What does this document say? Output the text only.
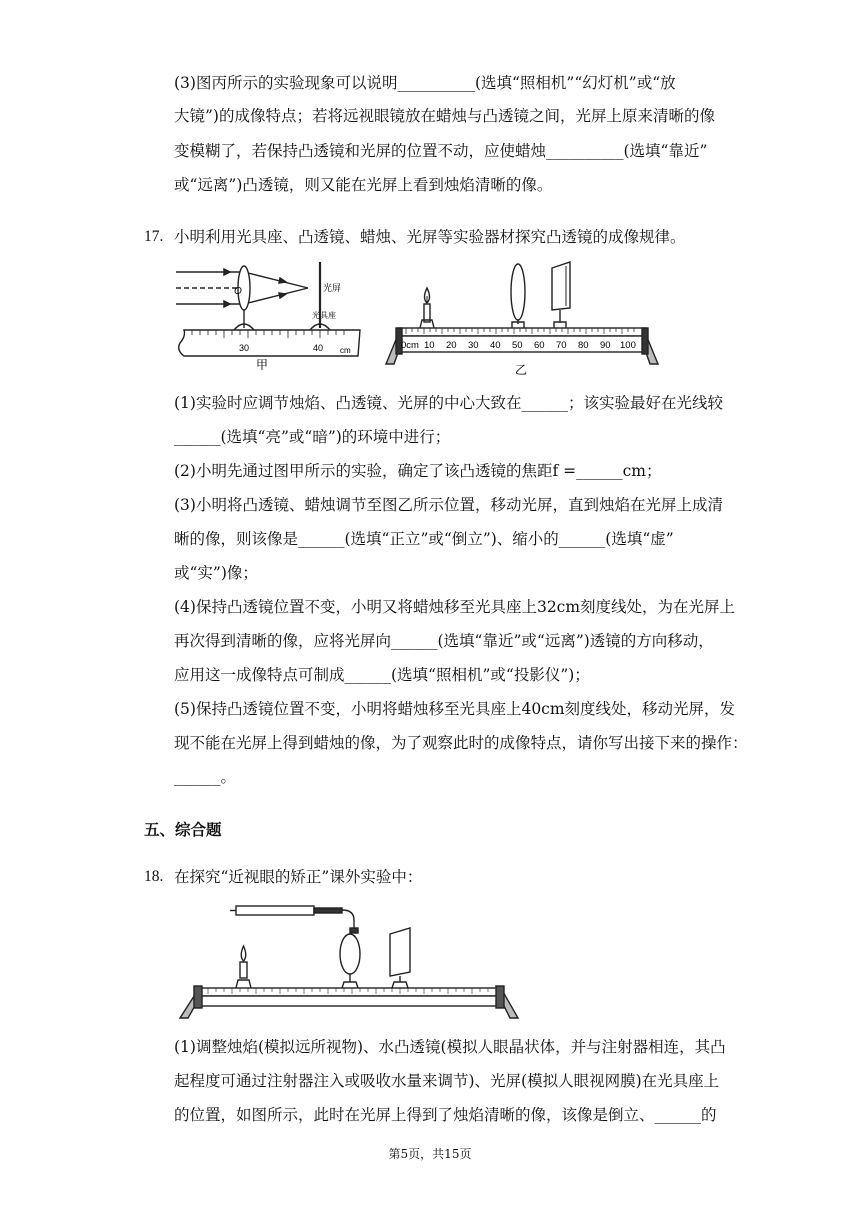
(3)图丙所示的实验现象可以说明__________(选填“照相机”“幻灯机”或“放
大镜”)的成像特点；若将远视眼镜放在蜡烛与凸透镜之间，光屏上原来清晰的像
变模糊了，若保持凸透镜和光屏的位置不动，应使蜡烛__________(选填“靠近”
或“远离”)凸透镜，则又能在光屏上看到烛焰清晰的像。
17. 小明利用光具座、凸透镜、蜡烛、光屏等实验器材探究凸透镜的成像规律。
O	光屏
光具座
30	40 cm
甲
0cm 10 20 30 40 50 60 70 80 90 100
乙
(1)实验时应调节烛焰、凸透镜、光屏的中心大致在______；该实验最好在光线较
______(选填“亮”或“暗”)的环境中进行；
(2)小明先通过图甲所示的实验，确定了该凸透镜的焦距f =______cm；
(3)小明将凸透镜、蜡烛调节至图乙所示位置，移动光屏，直到烛焰在光屏上成清
晰的像，则该像是______(选填“正立”或“倒立”)、缩小的______(选填“虚”
或“实”)像；
(4)保持凸透镜位置不变，小明又将蜡烛移至光具座上32cm刻度线处，为在光屏上
再次得到清晰的像，应将光屏向______(选填“靠近”或“远离”)透镜的方向移动，
应用这一成像特点可制成______(选填“照相机”或“投影仪”)；
(5)保持凸透镜位置不变，小明将蜡烛移至光具座上40cm刻度线处，移动光屏，发
现不能在光屏上得到蜡烛的像，为了观察此时的成像特点，请你写出接下来的操作：
______。
五、综合题
18. 在探究“近视眼的矫正”课外实验中：
(1)调整烛焰(模拟远所视物)、水凸透镜(模拟人眼晶状体，并与注射器相连，其凸
起程度可通过注射器注入或吸收水量来调节)、光屏(模拟人眼视网膜)在光具座上
的位置，如图所示，此时在光屏上得到了烛焰清晰的像，该像是倒立、______的
第5页，共15页
